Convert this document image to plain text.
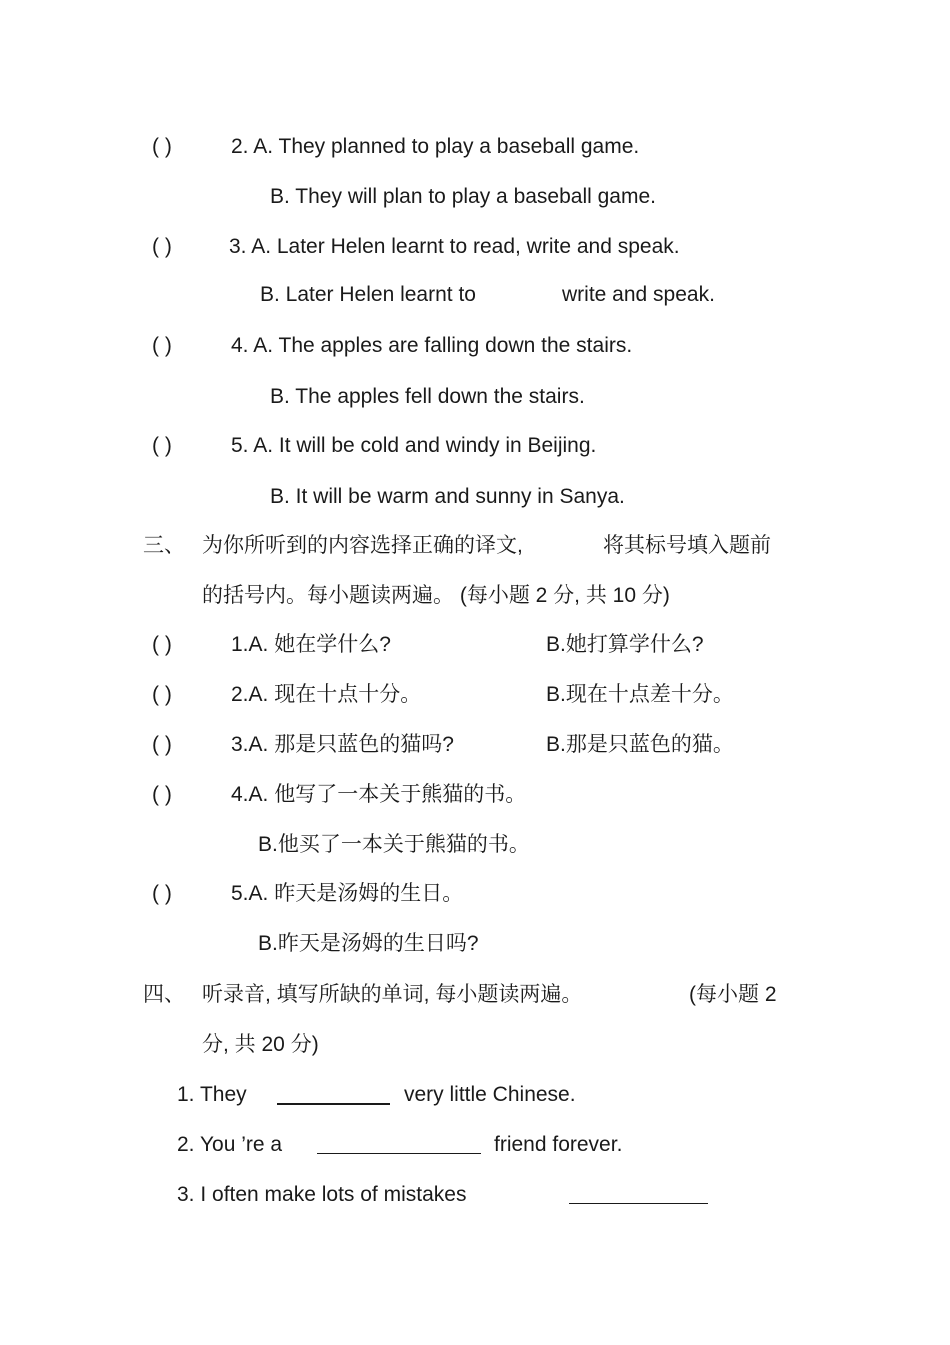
( )	2. A. They planned to play a baseball game.
B. They will plan to play a baseball game.
( )	3. A. Later Helen learnt to read, write and speak.
B. Later Helen learnt to	write and speak.
( )	4. A. The apples are falling down the stairs.
B. The apples fell down the stairs.
( )	5. A. It will be cold and windy in Beijing.
B. It will be warm and sunny in Sanya.
三、 为你所听到的内容选择正确的译文,	将其标号填入题前
的括号内。每小题读两遍。 (每小题 2 分, 共 10 分)
( )	1.A. 她在学什么?	B.她打算学什么?
( )	2.A. 现在十点十分。	B.现在十点差十分。
( )	3.A. 那是只蓝色的猫吗?	B.那是只蓝色的猫。
( )	4.A. 他写了一本关于熊猫的书。
B.他买了一本关于熊猫的书。
( )	5.A. 昨天是汤姆的生日。
B.昨天是汤姆的生日吗?
四、 听录音, 填写所缺的单词, 每小题读两遍。	(每小题 2
分, 共 20 分)
1. They	very little Chinese.
2. You ’re a	friend forever.
3. I often make lots of mistakes
